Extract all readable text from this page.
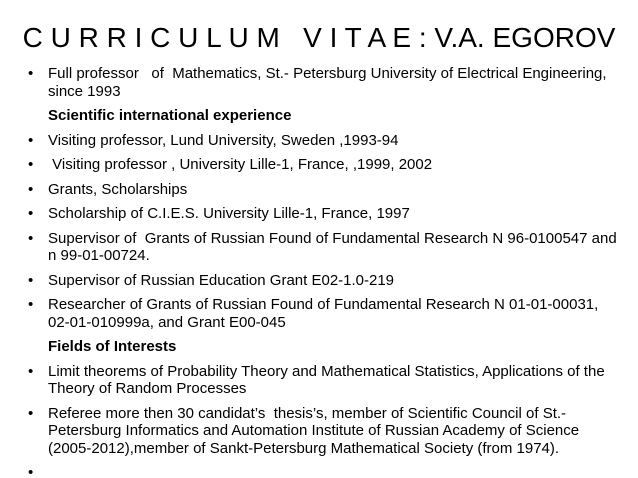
C U R R I C U L U M   V I T A E : V.A. EGOROV
• Full professor   of  Mathematics, St.- Petersburg University of Electrical Engineering, since 1993
Scientific international experience
• Visiting professor, Lund University, Sweden ,1993-94
• Visiting professor , University Lille-1, France, ,1999, 2002
• Grants, Scholarships
• Scholarship of C.I.E.S. University Lille-1, France, 1997
• Supervisor of  Grants of Russian Found of Fundamental Research N 96-0100547 and n 99-01-00724.
• Supervisor of Russian Education Grant E02-1.0-219
• Researcher of Grants of Russian Found of Fundamental Research N 01-01-00031, 02-01-010999a, and Grant E00-045
Fields of Interests
• Limit theorems of Probability Theory and Mathematical Statistics, Applications of the Theory of Random Processes
• Referee more then 30 candidat’s  thesis’s, member of Scientific Council of St.-Petersburg Informatics and Automation Institute of Russian Academy of Science (2005-2012),member of Sankt-Petersburg Mathematical Society (from 1974).
•
